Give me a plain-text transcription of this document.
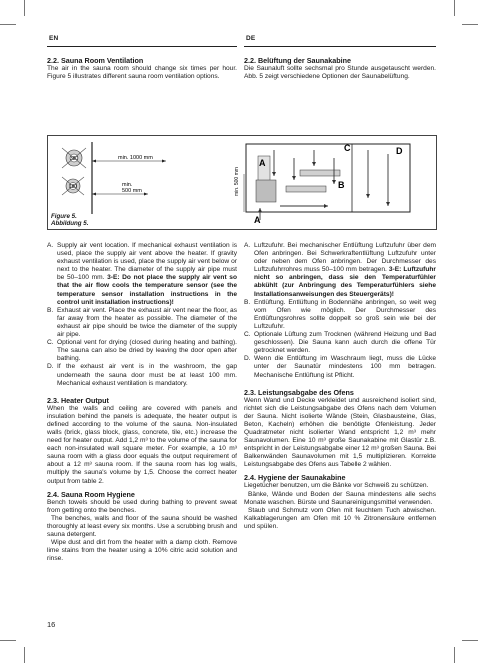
EN	DE
2.2. Sauna Room Ventilation
The air in the sauna room should change six times per hour. Figure 5 illustrates different sauna room ventilation options.
2.2. Belüftung der Saunakabine
Die Saunaluft sollte sechsmal pro Stunde ausgetauscht werden. Abb. 5 zeigt verschiedene Optionen der Saunabelüftung.
380
180
min. 1000 mm
min. 500 mm	min. 500 mm
A
A
B
C	D
Figure 5.
Abbildung 5.
A. Supply air vent location. If mechanical exhaust ventilation is used, place the supply air vent above the heater. If gravity exhaust ventilation is used, place the supply air vent below or next to the heater. The diameter of the supply air pipe must be 50–100 mm. 3-E: Do not place the supply air vent so that the air flow cools the temperature sensor (see the temperature sensor installation instructions in the control unit installation instructions)!
B. Exhaust air vent. Place the exhaust air vent near the floor, as far away from the heater as possible. The diameter of the exhaust air pipe should be twice the diameter of the supply air pipe.
C. Optional vent for drying (closed during heating and bathing). The sauna can also be dried by leaving the door open after bathing.
D. If the exhaust air vent is in the washroom, the gap underneath the sauna door must be at least 100 mm. Mechanical exhaust ventilation is mandatory.
2.3. Heater Output
When the walls and ceiling are covered with panels and insulation behind the panels is adequate, the heater output is defined according to the volume of the sauna. Non-insulated walls (brick, glass block, glass, concrete, tile, etc.) increase the need for heater output. Add 1,2 m³ to the volume of the sauna for each non-insulated wall square meter. For example, a 10 m³ sauna room with a glass door equals the output requirement of about a 12 m³ sauna room. If the sauna room has log walls, multiply the sauna's volume by 1,5. Choose the correct heater output from table 2.
2.4. Sauna Room Hygiene
Bench towels should be used during bathing to prevent sweat from getting onto the benches.
The benches, walls and floor of the sauna should be washed thoroughly at least every six months. Use a scrubbing brush and sauna detergent.
Wipe dust and dirt from the heater with a damp cloth. Remove lime stains from the heater using a 10% citric acid solution and rinse.
A. Luftzufuhr. Bei mechanischer Entlüftung Luftzufuhr über dem Ofen anbringen. Bei Schwerkraftentlüftung Luftzufuhr unter oder neben dem Ofen anbringen. Der Durchmesser des Luftzufuhrrohres muss 50–100 mm betragen. 3-E: Luftzufuhr nicht so anbringen, dass sie den Temperaturfühler abkühlt (zur Anbringung des Temperaturfühlers siehe Installationsanweisungen des Steuergeräts)!
B. Entlüftung. Entlüftung in Bodennähe anbringen, so weit weg vom Ofen wie möglich. Der Durchmesser des Entlüftungsrohres sollte doppelt so groß sein wie bei der Luftzufuhr.
C. Optionale Lüftung zum Trocknen (während Heizung und Bad geschlossen). Die Sauna kann auch durch die offene Tür getrocknet werden.
D. Wenn die Entlüftung im Waschraum liegt, muss die Lücke unter der Saunatür mindestens 100 mm betragen. Mechanische Entlüftung ist Pflicht.
2.3. Leistungsabgabe des Ofens
Wenn Wand und Decke verkleidet und ausreichend isoliert sind, richtet sich die Leistungsabgabe des Ofens nach dem Volumen der Sauna. Nicht isolierte Wände (Stein, Glasbausteine, Glas, Beton, Kacheln) erhöhen die benötigte Ofenleistung. Jeder Quadratmeter nicht isolierter Wand entspricht 1,2 m³ mehr Saunavolumen. Eine 10 m³ große Saunakabine mit Glastür z.B. entspricht in der Leistungsabgabe einer 12 m³ großen Sauna. Bei Balkenwänden Saunavolumen mit 1,5 multiplizieren. Korrekte Leistungsabgabe des Ofens aus Tabelle 2 wählen.
2.4. Hygiene der Saunakabine
Liegetücher benutzen, um die Bänke vor Schweiß zu schützen.
Bänke, Wände und Boden der Sauna mindestens alle sechs Monate waschen. Bürste und Saunareinigungsmittel verwenden.
Staub und Schmutz vom Ofen mit feuchtem Tuch abwischen. Kalkablagerungen am Ofen mit 10 % Zitronensäure entfernen und spülen.
16
